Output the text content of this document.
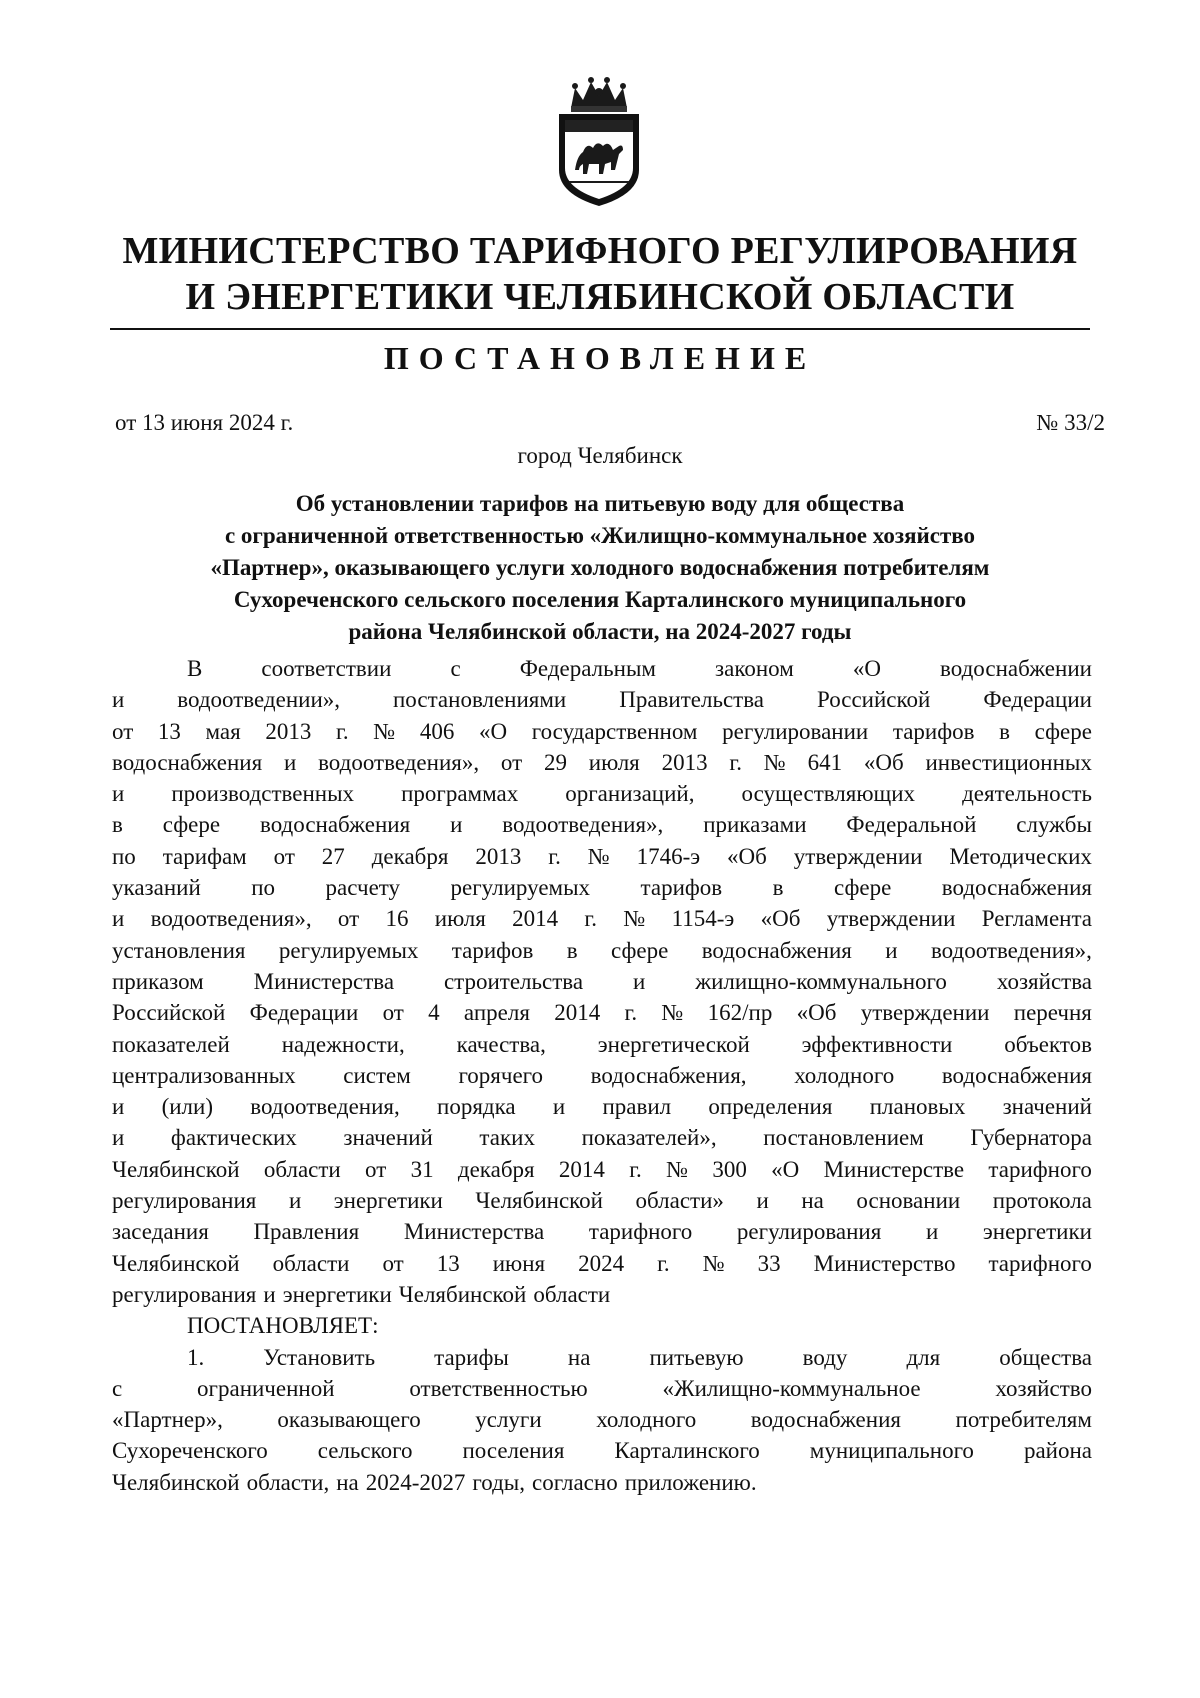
МИНИСТЕРСТВО ТАРИФНОГО РЕГУЛИРОВАНИЯ
И ЭНЕРГЕТИКИ ЧЕЛЯБИНСКОЙ ОБЛАСТИ
ПОСТАНОВЛЕНИЕ
от 13 июня 2024 г.	№ 33/2
город Челябинск
Об установлении тарифов на питьевую воду для общества
с ограниченной ответственностью «Жилищно-коммунальное хозяйство
«Партнер», оказывающего услуги холодного водоснабжения потребителям
Сухореченского сельского поселения Карталинского муниципального
района Челябинской области, на 2024-2027 годы
В	соответствии	с	Федеральным	законом	«О	водоснабжении
и водоотведении», постановлениями Правительства Российской Федерации
от 13 мая 2013 г. № 406 «О государственном регулировании тарифов в сфере
водоснабжения и водоотведения», от 29 июля 2013 г. № 641 «Об инвестиционных
и производственных программах организаций, осуществляющих деятельность
в сфере водоснабжения и водоотведения», приказами Федеральной службы
по тарифам от 27 декабря 2013 г. № 1746-э «Об утверждении Методических
указаний по расчету регулируемых тарифов в сфере водоснабжения
и водоотведения», от 16 июля 2014 г. № 1154-э «Об утверждении Регламента
установления регулируемых тарифов в сфере водоснабжения и водоотведения»,
приказом Министерства строительства и жилищно-коммунального хозяйства
Российской Федерации от 4 апреля 2014 г. № 162/пр «Об утверждении перечня
показателей надежности, качества, энергетической эффективности объектов
централизованных систем горячего водоснабжения, холодного водоснабжения
и (или) водоотведения, порядка и правил определения плановых значений
и фактических значений таких показателей», постановлением Губернатора
Челябинской области от 31 декабря 2014 г. № 300 «О Министерстве тарифного
регулирования и энергетики Челябинской области» и на основании протокола
заседания Правления Министерства тарифного регулирования и энергетики
Челябинской области от 13 июня 2024 г. № 33 Министерство тарифного
регулирования и энергетики Челябинской области
ПОСТАНОВЛЯЕТ:
1.	Установить	тарифы	на	питьевую	воду	для	общества
с	ограниченной	ответственностью	«Жилищно-коммунальное	хозяйство
«Партнер», оказывающего услуги холодного водоснабжения потребителям
Сухореченского сельского поселения Карталинского муниципального района
Челябинской области, на 2024-2027 годы, согласно приложению.
